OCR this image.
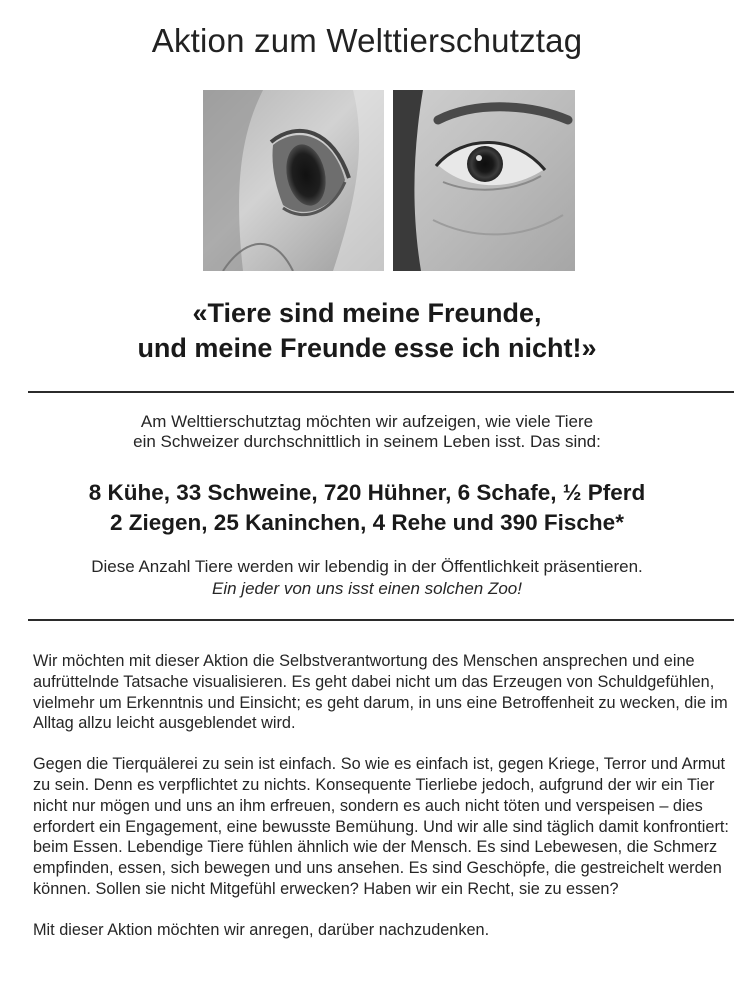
Aktion zum Welttierschutztag
«Tiere sind meine Freunde,
und meine Freunde esse ich nicht!»
Am Welttierschutztag möchten wir aufzeigen, wie viele Tiere
ein Schweizer durchschnittlich in seinem Leben isst. Das sind:
8 Kühe, 33 Schweine, 720 Hühner, 6 Schafe, ½ Pferd
2 Ziegen, 25 Kaninchen, 4 Rehe und 390 Fische*
Diese Anzahl Tiere werden wir lebendig in der Öffentlichkeit präsentieren.
Ein jeder von uns isst einen solchen Zoo!

Wir möchten mit dieser Aktion die Selbstverantwortung des Menschen ansprechen und eine aufrüttelnde Tatsache visualisieren. Es geht dabei nicht um das Erzeugen von Schuldgefühlen, vielmehr um Erkenntnis und Einsicht; es geht darum, in uns eine Betroffenheit zu wecken, die im Alltag allzu leicht ausgeblendet wird.

Gegen die Tierquälerei zu sein ist einfach. So wie es einfach ist, gegen Kriege, Terror und Armut zu sein. Denn es verpflichtet zu nichts. Konsequente Tierliebe jedoch, aufgrund der wir ein Tier nicht nur mögen und uns an ihm erfreuen, sondern es auch nicht töten und verspeisen – dies erfordert ein Engagement, eine bewusste Bemühung. Und wir alle sind täglich damit konfrontiert: beim Essen. Lebendige Tiere fühlen ähnlich wie der Mensch. Es sind Lebewesen, die Schmerz empfinden, essen, sich bewegen und uns ansehen. Es sind Geschöpfe, die gestreichelt werden können. Sollen sie nicht Mitgefühl erwecken? Haben wir ein Recht, sie zu essen?

Mit dieser Aktion möchten wir anregen, darüber nachzudenken.
